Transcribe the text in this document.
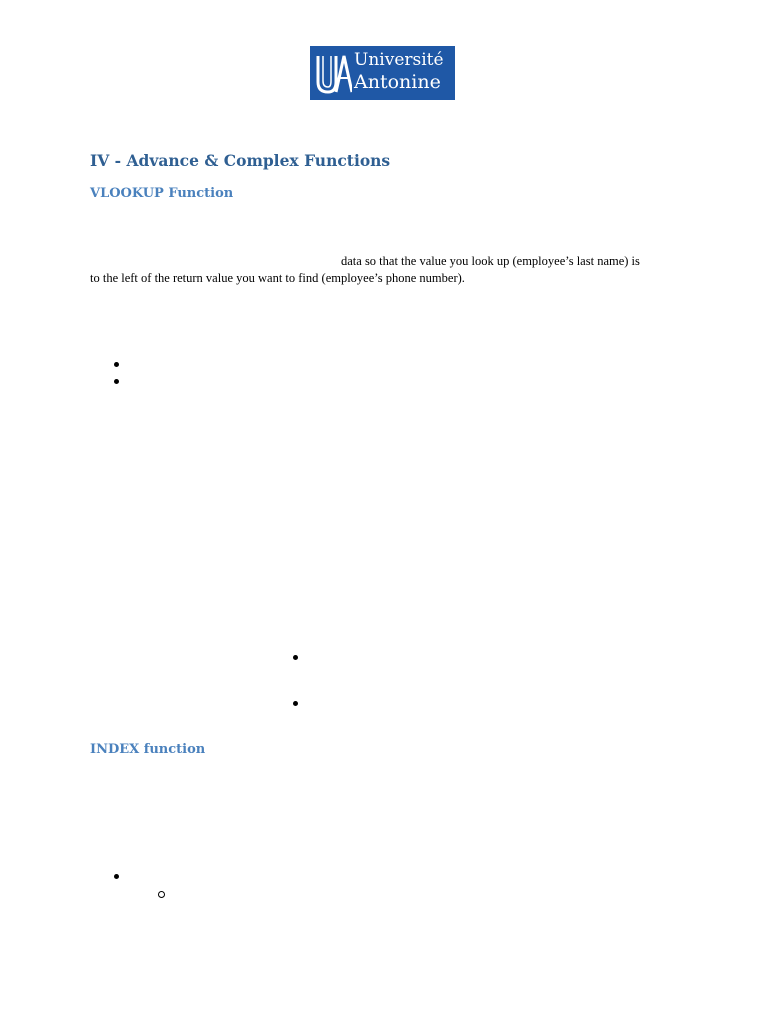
Université
Antonine
IV - Advance & Complex Functions
VLOOKUP Function
data so that the value you look up (employee’s last name) is
to the left of the return value you want to find (employee’s phone number).
INDEX function
